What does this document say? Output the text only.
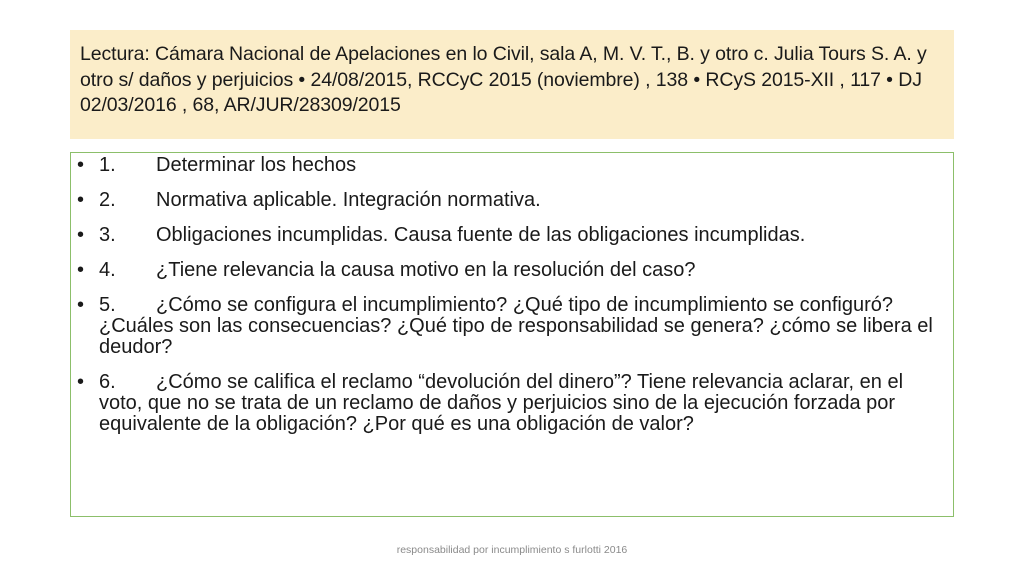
Lectura: Cámara Nacional de Apelaciones en lo Civil, sala A, M. V. T., B. y otro c. Julia Tours S. A. y otro s/ daños y perjuicios • 24/08/2015, RCCyC 2015 (noviembre) , 138 • RCyS 2015-XII , 117 • DJ 02/03/2016 , 68, AR/JUR/28309/2015

• 1. Determinar los hechos
• 2. Normativa aplicable. Integración normativa.
• 3. Obligaciones incumplidas. Causa fuente de las obligaciones incumplidas.
• 4. ¿Tiene relevancia la causa motivo en la resolución del caso?
• 5. ¿Cómo se configura el incumplimiento? ¿Qué tipo de incumplimiento se configuró? ¿Cuáles son las consecuencias? ¿Qué tipo de responsabilidad se genera? ¿cómo se libera el deudor?
• 6. ¿Cómo se califica el reclamo “devolución del dinero”? Tiene relevancia aclarar, en el voto, que no se trata de un reclamo de daños y perjuicios sino de la ejecución forzada por equivalente de la obligación? ¿Por qué es una obligación de valor?
responsabilidad por incumplimiento s furlotti 2016
